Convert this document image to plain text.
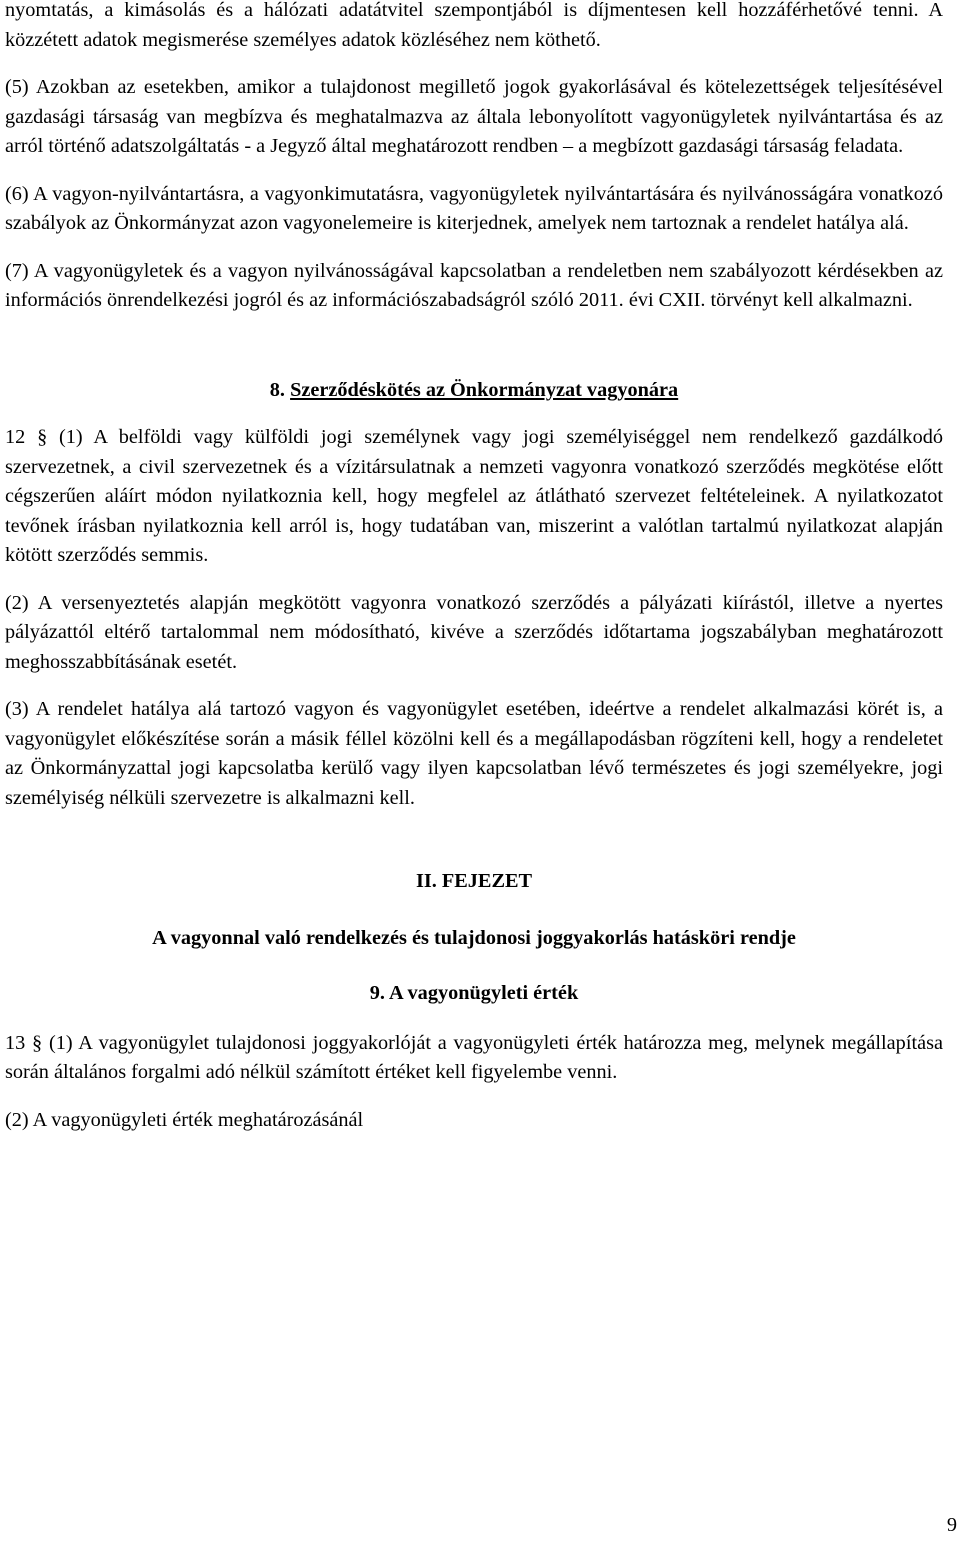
nyomtatás, a kimásolás és a hálózati adatátvitel szempontjából is díjmentesen kell hozzáférhetővé tenni. A közzétett adatok megismerése személyes adatok közléséhez nem köthető.

(5) Azokban az esetekben, amikor a tulajdonost megillető jogok gyakorlásával és kötelezettségek teljesítésével gazdasági társaság van megbízva és meghatalmazva az általa lebonyolított vagyonügyletek nyilvántartása és az arról történő adatszolgáltatás - a Jegyző által meghatározott rendben – a megbízott gazdasági társaság feladata.

(6) A vagyon-nyilvántartásra, a vagyonkimutatásra, vagyonügyletek nyilvántartására és nyilvánosságára vonatkozó szabályok az Önkormányzat azon vagyonelemeire is kiterjednek, amelyek nem tartoznak a rendelet hatálya alá.

(7) A vagyonügyletek és a vagyon nyilvánosságával kapcsolatban a rendeletben nem szabályozott kérdésekben az információs önrendelkezési jogról és az információszabadságról szóló 2011. évi CXII. törvényt kell alkalmazni.

8. Szerződéskötés az Önkormányzat vagyonára

12 § (1) A belföldi vagy külföldi jogi személynek vagy jogi személyiséggel nem rendelkező gazdálkodó szervezetnek, a civil szervezetnek és a vízitársulatnak a nemzeti vagyonra vonatkozó szerződés megkötése előtt cégszerűen aláírt módon nyilatkoznia kell, hogy megfelel az átlátható szervezet feltételeinek. A nyilatkozatot tevőnek írásban nyilatkoznia kell arról is, hogy tudatában van, miszerint a valótlan tartalmú nyilatkozat alapján kötött szerződés semmis.

(2) A versenyeztetés alapján megkötött vagyonra vonatkozó szerződés a pályázati kiírástól, illetve a nyertes pályázattól eltérő tartalommal nem módosítható, kivéve a szerződés időtartama jogszabályban meghatározott meghosszabbításának esetét.

(3) A rendelet hatálya alá tartozó vagyon és vagyonügylet esetében, ideértve a rendelet alkalmazási körét is, a vagyonügylet előkészítése során a másik féllel közölni kell és a megállapodásban rögzíteni kell, hogy a rendeletet az Önkormányzattal jogi kapcsolatba kerülő vagy ilyen kapcsolatban lévő természetes és jogi személyekre, jogi személyiség nélküli szervezetre is alkalmazni kell.

II. FEJEZET

A vagyonnal való rendelkezés és tulajdonosi joggyakorlás hatásköri rendje

9. A vagyonügyleti érték

13 § (1) A vagyonügylet tulajdonosi joggyakorlóját a vagyonügyleti érték határozza meg, melynek megállapítása során általános forgalmi adó nélkül számított értéket kell figyelembe venni.

(2) A vagyonügyleti érték meghatározásánál

9
